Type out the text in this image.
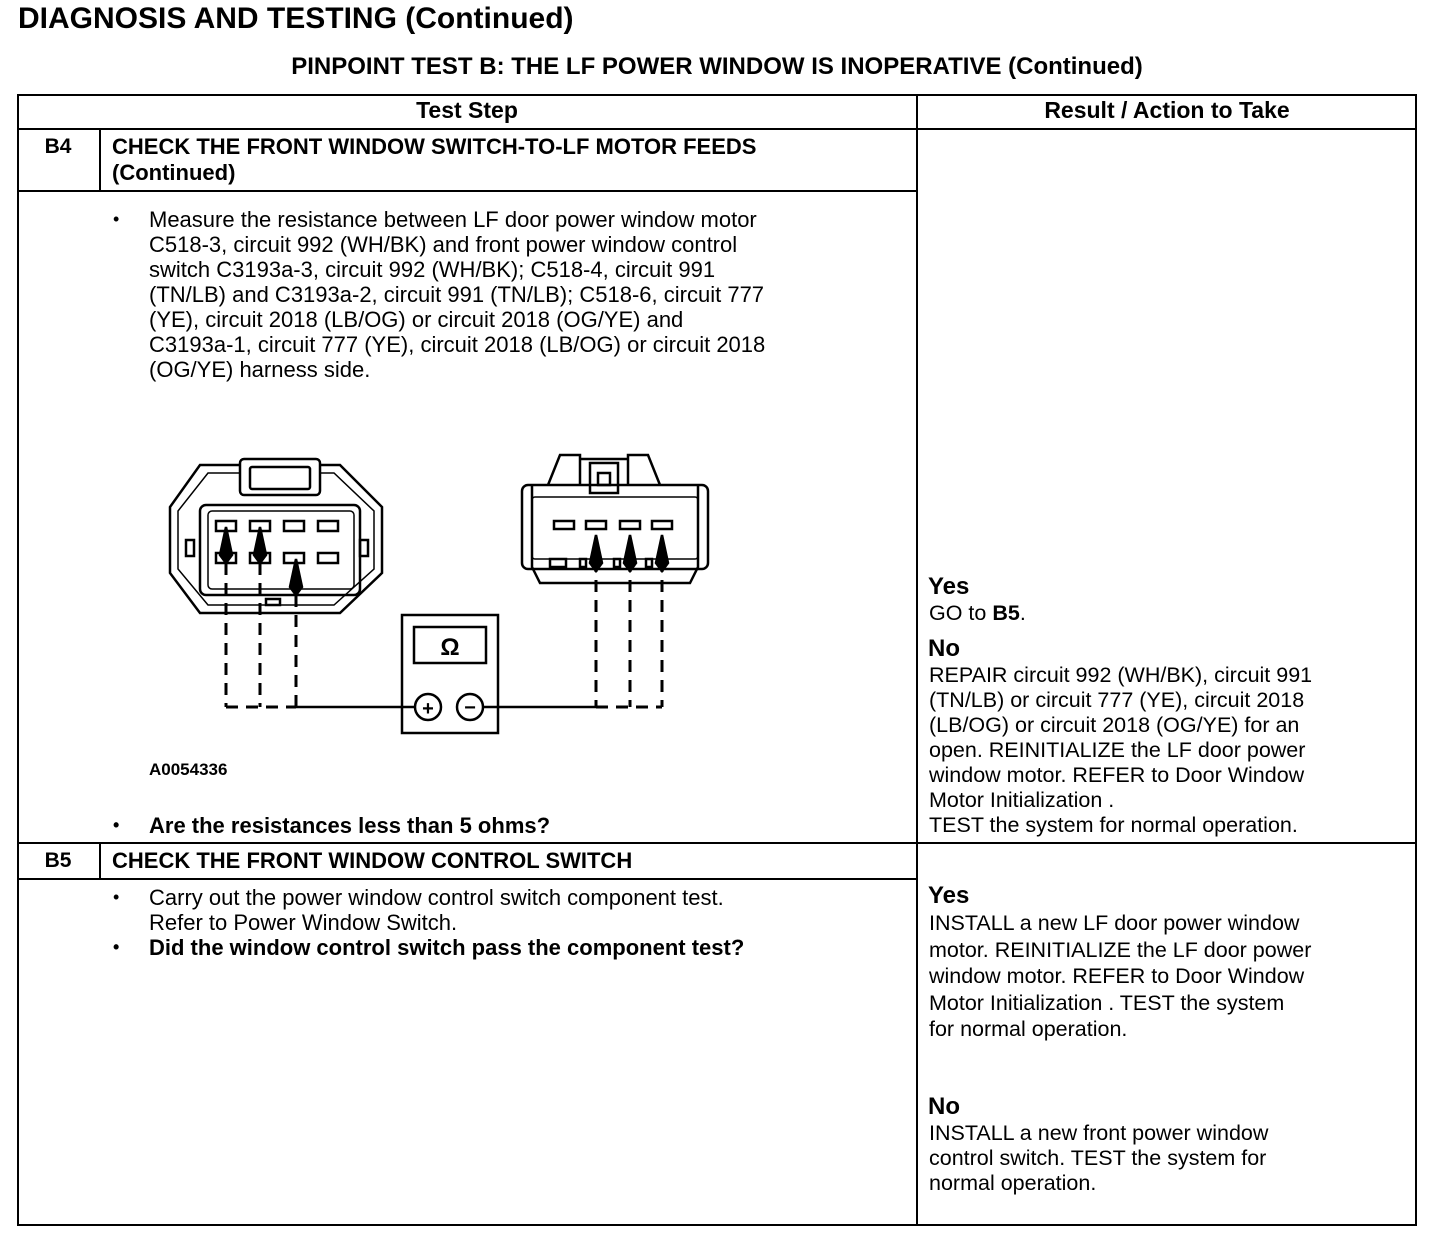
DIAGNOSIS AND TESTING (Continued)
PINPOINT TEST B: THE LF POWER WINDOW IS INOPERATIVE (Continued)
Test Step	Result / Action to Take
B4	CHECK THE FRONT WINDOW SWITCH-TO-LF MOTOR FEEDS
(Continued)
• Measure the resistance between LF door power window motor
C518-3, circuit 992 (WH/BK) and front power window control
switch C3193a-3, circuit 992 (WH/BK); C518-4, circuit 991
(TN/LB) and C3193a-2, circuit 991 (TN/LB); C518-6, circuit 777
(YE), circuit 2018 (LB/OG) or circuit 2018 (OG/YE) and
C3193a-1, circuit 777 (YE), circuit 2018 (LB/OG) or circuit 2018
(OG/YE) harness side.
Ω
+ −
A0054336
• Are the resistances less than 5 ohms?
Yes
GO to B5.
No
REPAIR circuit 992 (WH/BK), circuit 991
(TN/LB) or circuit 777 (YE), circuit 2018
(LB/OG) or circuit 2018 (OG/YE) for an
open. REINITIALIZE the LF door power
window motor. REFER to Door Window
Motor Initialization .
TEST the system for normal operation.
B5	CHECK THE FRONT WINDOW CONTROL SWITCH
• Carry out the power window control switch component test.
Refer to Power Window Switch.
• Did the window control switch pass the component test?
Yes
INSTALL a new LF door power window
motor. REINITIALIZE the LF door power
window motor. REFER to Door Window
Motor Initialization . TEST the system
for normal operation.
No
INSTALL a new front power window
control switch. TEST the system for
normal operation.
